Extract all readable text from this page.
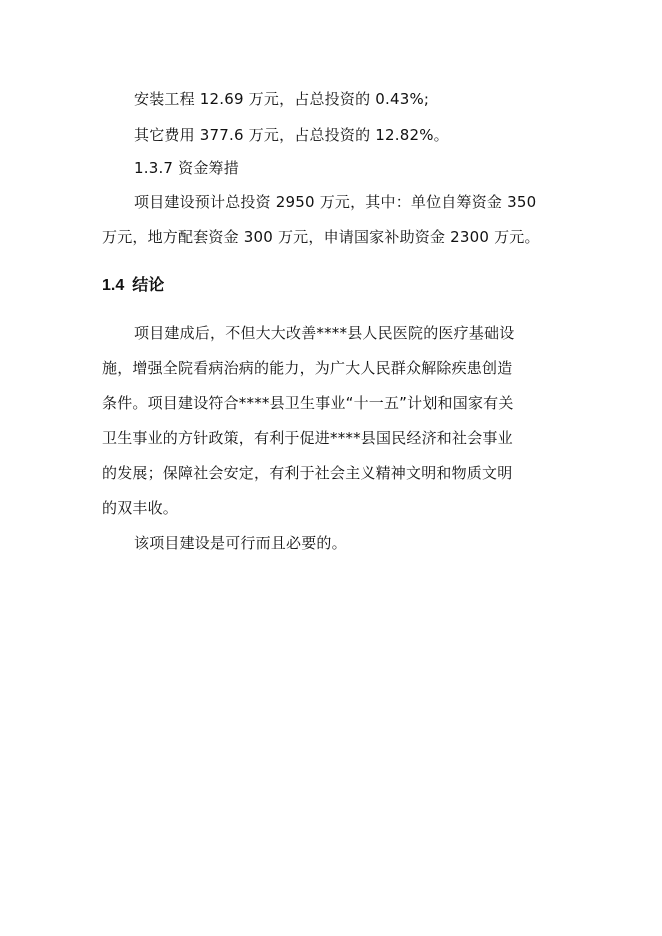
安装工程 12.69 万元，占总投资的 0.43%;
其它费用 377.6 万元，占总投资的 12.82%。
1.3.7 资金筹措
项目建设预计总投资 2950 万元，其中：单位自筹资金 350
万元，地方配套资金 300 万元，申请国家补助资金 2300 万元。
1.4 结论
项目建成后，不但大大改善****县人民医院的医疗基础设
施，增强全院看病治病的能力，为广大人民群众解除疾患创造
条件。项目建设符合****县卫生事业“十一五”计划和国家有关
卫生事业的方针政策，有利于促进****县国民经济和社会事业
的发展；保障社会安定，有利于社会主义精神文明和物质文明
的双丰收。
该项目建设是可行而且必要的。
